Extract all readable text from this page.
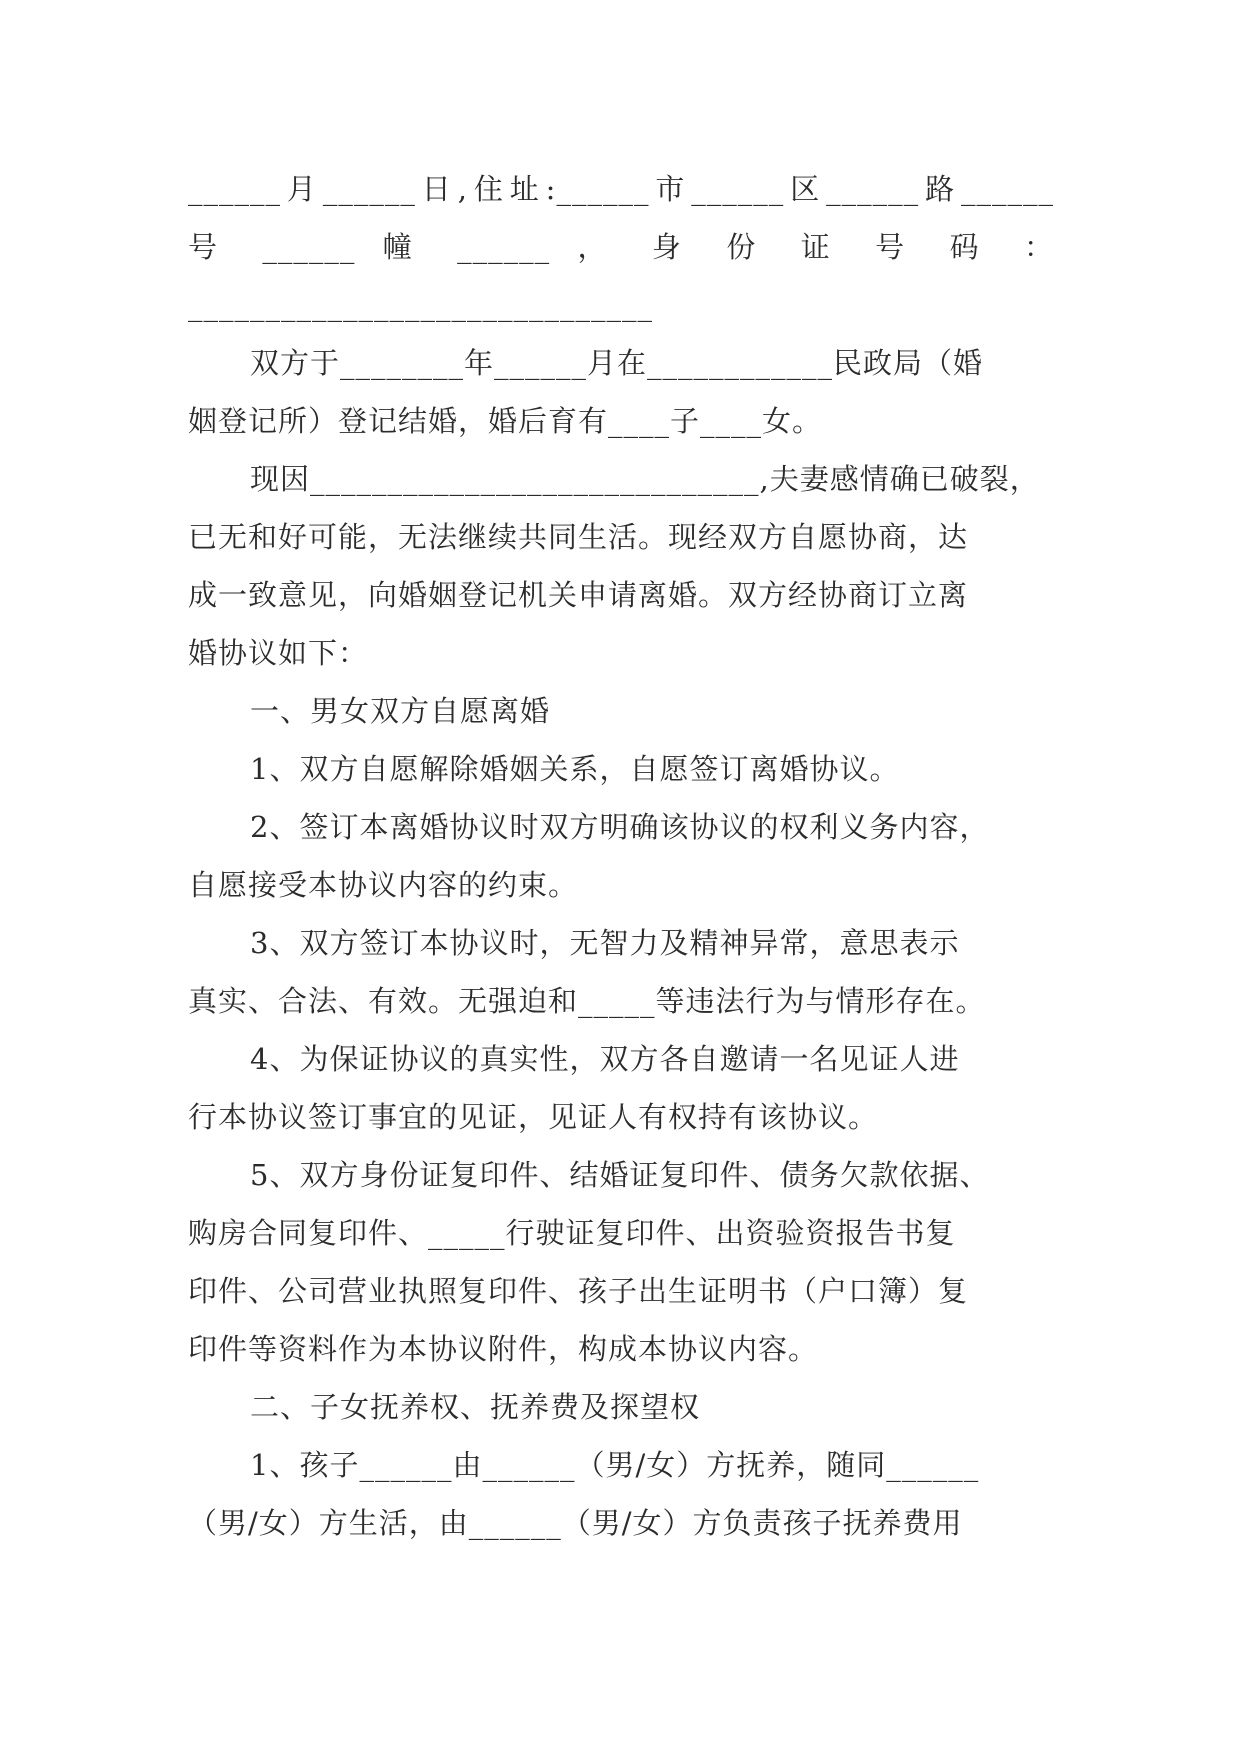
______月______日,住址:______市______区______路______
号 ______ 幢 ______ ， 身 份 证 号 码 ：
______________________________
双方于________年______月在____________民政局（婚
姻登记所）登记结婚，婚后育有____子____女。
现因_____________________________,夫妻感情确已破裂，
已无和好可能，无法继续共同生活。现经双方自愿协商，达
成一致意见，向婚姻登记机关申请离婚。双方经协商订立离
婚协议如下：
一、男女双方自愿离婚
1、双方自愿解除婚姻关系，自愿签订离婚协议。
2、签订本离婚协议时双方明确该协议的权利义务内容，
自愿接受本协议内容的约束。
3、双方签订本协议时，无智力及精神异常，意思表示
真实、合法、有效。无强迫和_____等违法行为与情形存在。
4、为保证协议的真实性，双方各自邀请一名见证人进
行本协议签订事宜的见证，见证人有权持有该协议。
5、双方身份证复印件、结婚证复印件、债务欠款依据、
购房合同复印件、_____行驶证复印件、出资验资报告书复
印件、公司营业执照复印件、孩子出生证明书（户口簿）复
印件等资料作为本协议附件，构成本协议内容。
二、子女抚养权、抚养费及探望权
1、孩子______由______（男/女）方抚养，随同______
（男/女）方生活，由______（男/女）方负责孩子抚养费用
